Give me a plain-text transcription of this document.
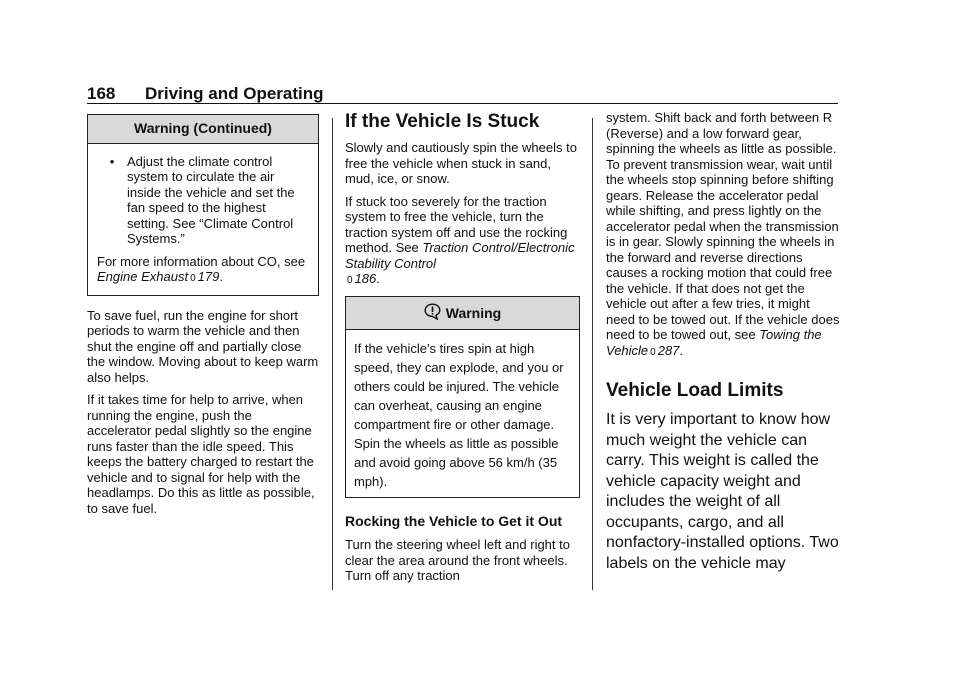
168 Driving and Operating
Warning (Continued)
• Adjust the climate control system to circulate the air inside the vehicle and set the fan speed to the highest setting. See “Climate Control Systems.”

For more information about CO, see Engine Exhaust 0 179.

To save fuel, run the engine for short periods to warm the vehicle and then shut the engine off and partially close the window. Moving about to keep warm also helps.

If it takes time for help to arrive, when running the engine, push the accelerator pedal slightly so the engine runs faster than the idle speed. This keeps the battery charged to restart the vehicle and to signal for help with the headlamps. Do this as little as possible, to save fuel.

If the Vehicle Is Stuck

Slowly and cautiously spin the wheels to free the vehicle when stuck in sand, mud, ice, or snow.

If stuck too severely for the traction system to free the vehicle, turn the traction system off and use the rocking method. See Traction Control/Electronic Stability Control
0 186.

Warning
If the vehicle's tires spin at high speed, they can explode, and you or others could be injured. The vehicle can overheat, causing an engine compartment fire or other damage. Spin the wheels as little as possible and avoid going above 56 km/h (35 mph).
Rocking the Vehicle to Get it Out

Turn the steering wheel left and right to clear the area around the front wheels. Turn off any traction

system. Shift back and forth between R (Reverse) and a low forward gear, spinning the wheels as little as possible. To prevent transmission wear, wait until the wheels stop spinning before shifting gears. Release the accelerator pedal while shifting, and press lightly on the accelerator pedal when the transmission is in gear. Slowly spinning the wheels in the forward and reverse directions causes a rocking motion that could free the vehicle. If that does not get the vehicle out after a few tries, it might need to be towed out. If the vehicle does need to be towed out, see Towing the Vehicle 0 287.

Vehicle Load Limits

It is very important to know how much weight the vehicle can carry. This weight is called the vehicle capacity weight and includes the weight of all occupants, cargo, and all nonfactory-installed options. Two labels on the vehicle may
